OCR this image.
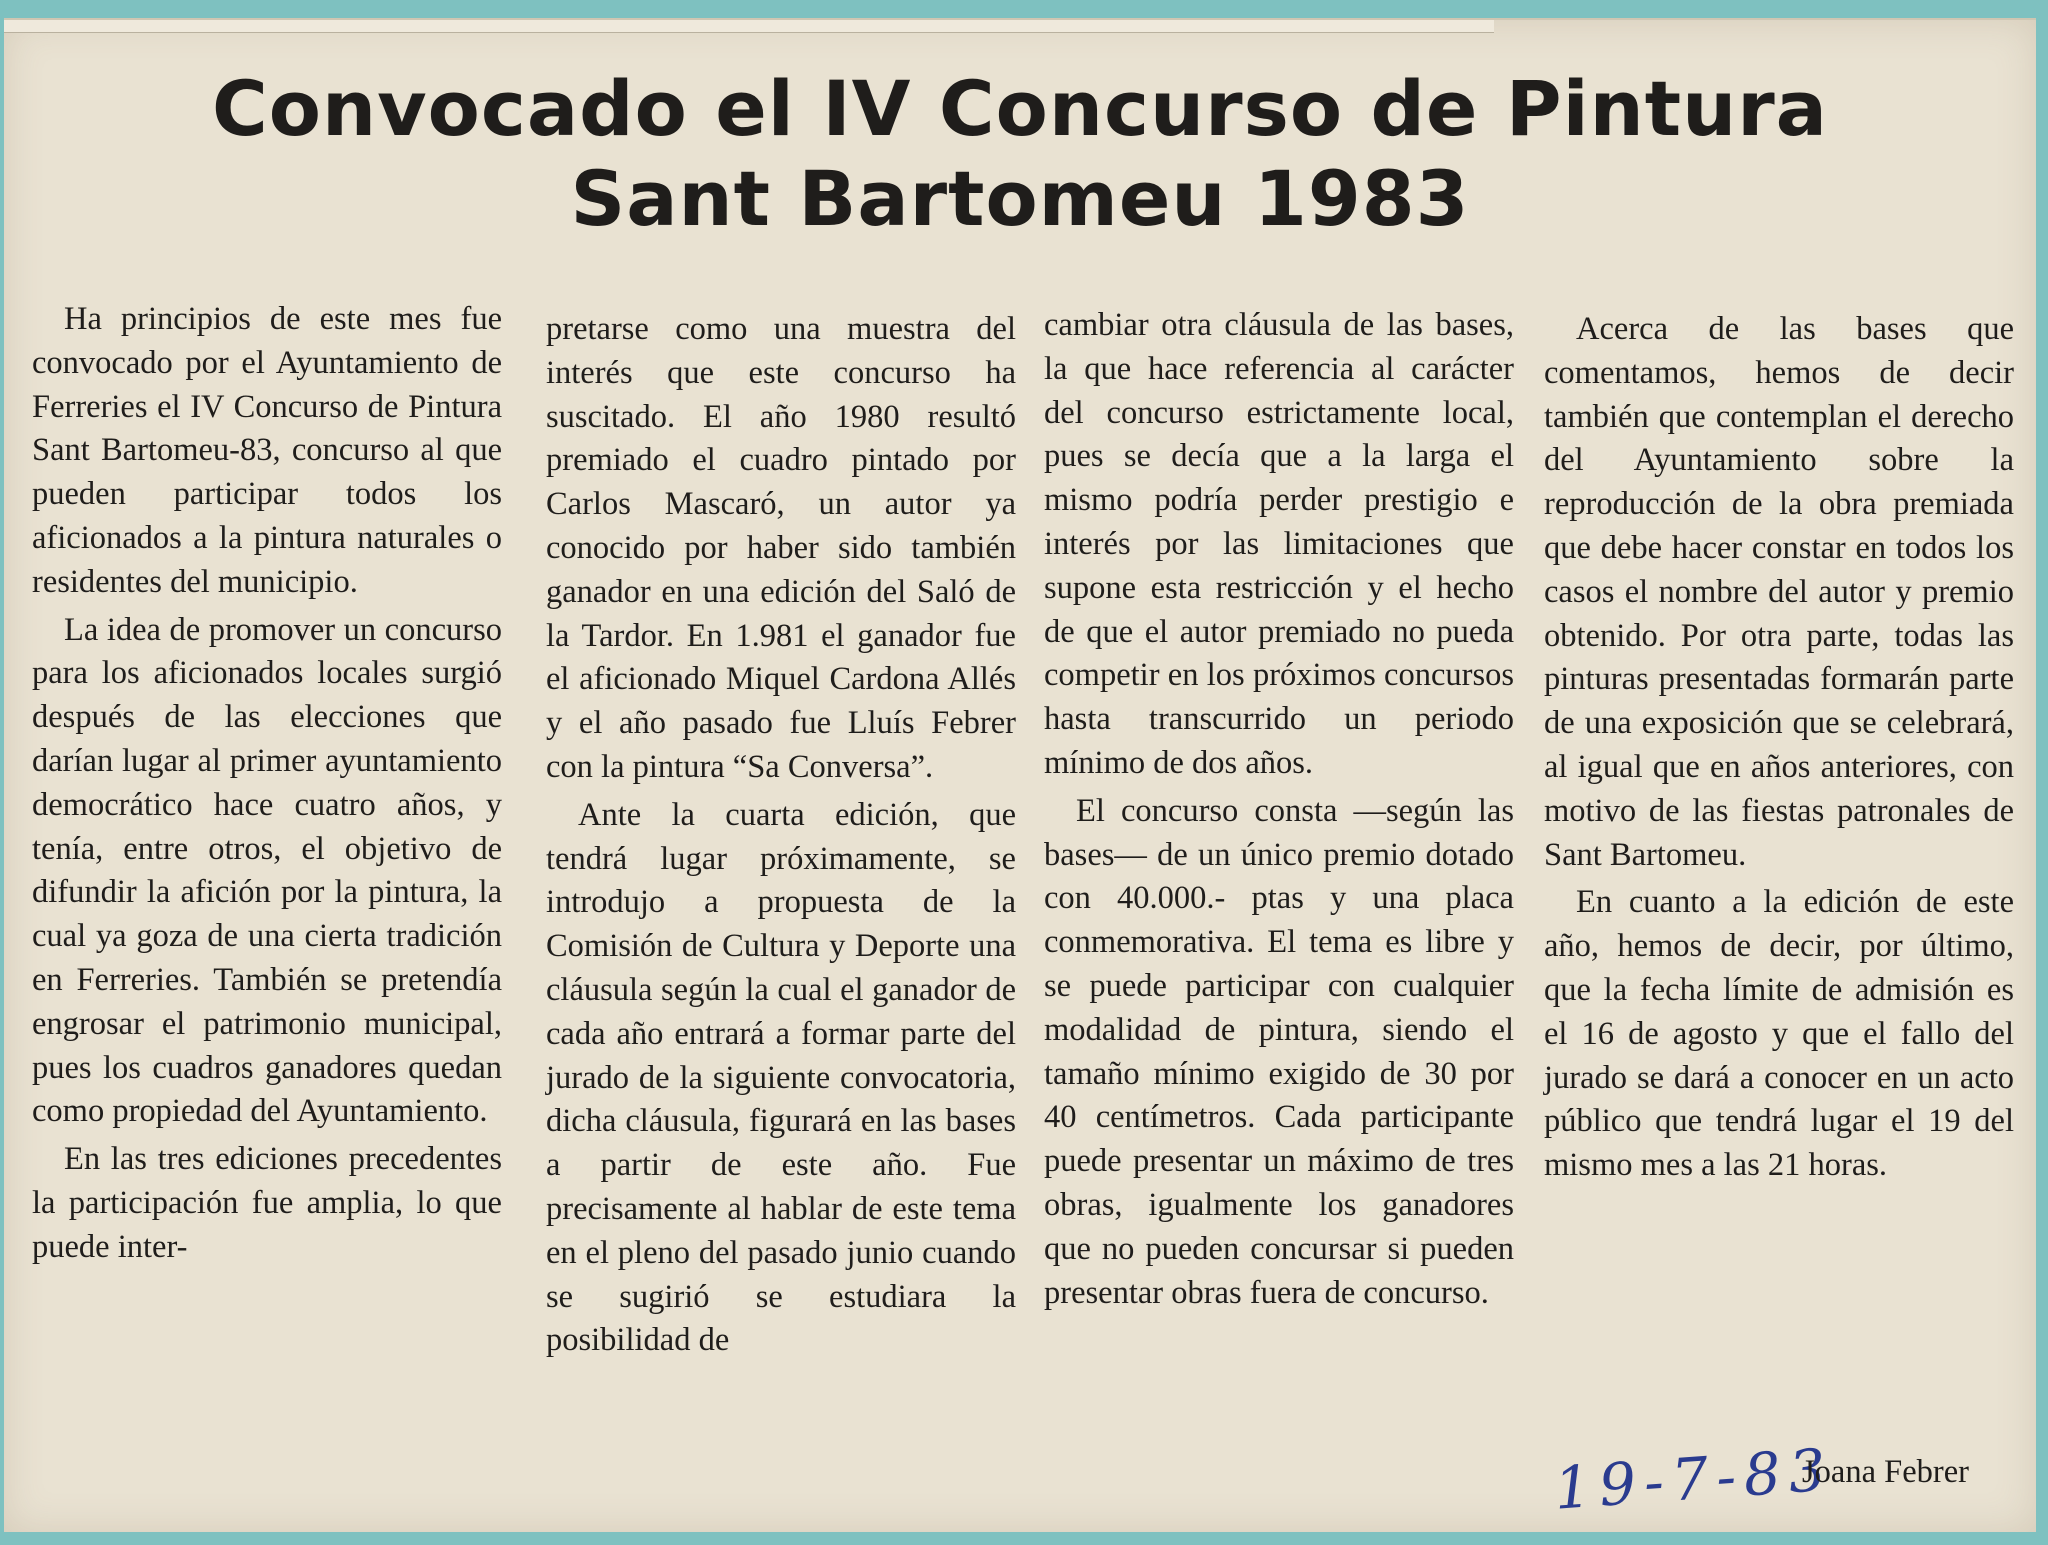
Convocado el IV Concurso de Pintura
Sant Bartomeu 1983

Ha principios de este mes fue convocado por el Ayuntamiento de Ferreries el IV Concurso de Pintura Sant Bartomeu-83, concurso al que pueden participar todos los aficionados a la pintura naturales o residentes del municipio.

La idea de promover un concurso para los aficionados locales surgió después de las elecciones que darían lugar al primer ayuntamiento democrático hace cuatro años, y tenía, entre otros, el objetivo de difundir la afición por la pintura, la cual ya goza de una cierta tradición en Ferreries. También se pretendía engrosar el patrimonio municipal, pues los cuadros ganadores quedan como propiedad del Ayuntamiento.

En las tres ediciones precedentes la participación fue amplia, lo que puede inter-

pretarse como una muestra del interés que este concurso ha suscitado. El año 1980 resultó premiado el cuadro pintado por Carlos Mascaró, un autor ya conocido por haber sido también ganador en una edición del Saló de la Tardor. En 1.981 el ganador fue el aficionado Miquel Cardona Allés y el año pasado fue Lluís Febrer con la pintura “Sa Conversa”.

Ante la cuarta edición, que tendrá lugar próximamente, se introdujo a propuesta de la Comisión de Cultura y Deporte una cláusula según la cual el ganador de cada año entrará a formar parte del jurado de la siguiente convocatoria, dicha cláusula, figurará en las bases a partir de este año. Fue precisamente al hablar de este tema en el pleno del pasado junio cuando se sugirió se estudiara la posibilidad de

cambiar otra cláusula de las bases, la que hace referencia al carácter del concurso estrictamente local, pues se decía que a la larga el mismo podría perder prestigio e interés por las limitaciones que supone esta restricción y el hecho de que el autor premiado no pueda competir en los próximos concursos hasta transcurrido un periodo mínimo de dos años.

El concurso consta —según las bases— de un único premio dotado con 40.000.- ptas y una placa conmemorativa. El tema es libre y se puede participar con cualquier modalidad de pintura, siendo el tamaño mínimo exigido de 30 por 40 centímetros. Cada participante puede presentar un máximo de tres obras, igualmente los ganadores que no pueden concursar si pueden presentar obras fuera de concurso.

Acerca de las bases que comentamos, hemos de decir también que contemplan el derecho del Ayuntamiento sobre la reproducción de la obra premiada que debe hacer constar en todos los casos el nombre del autor y premio obtenido. Por otra parte, todas las pinturas presentadas formarán parte de una exposición que se celebrará, al igual que en años anteriores, con motivo de las fiestas patronales de Sant Bartomeu.

En cuanto a la edición de este año, hemos de decir, por último, que la fecha límite de admisión es el 16 de agosto y que el fallo del jurado se dará a conocer en un acto público que tendrá lugar el 19 del mismo mes a las 21 horas.

19-7-83
Joana Febrer
